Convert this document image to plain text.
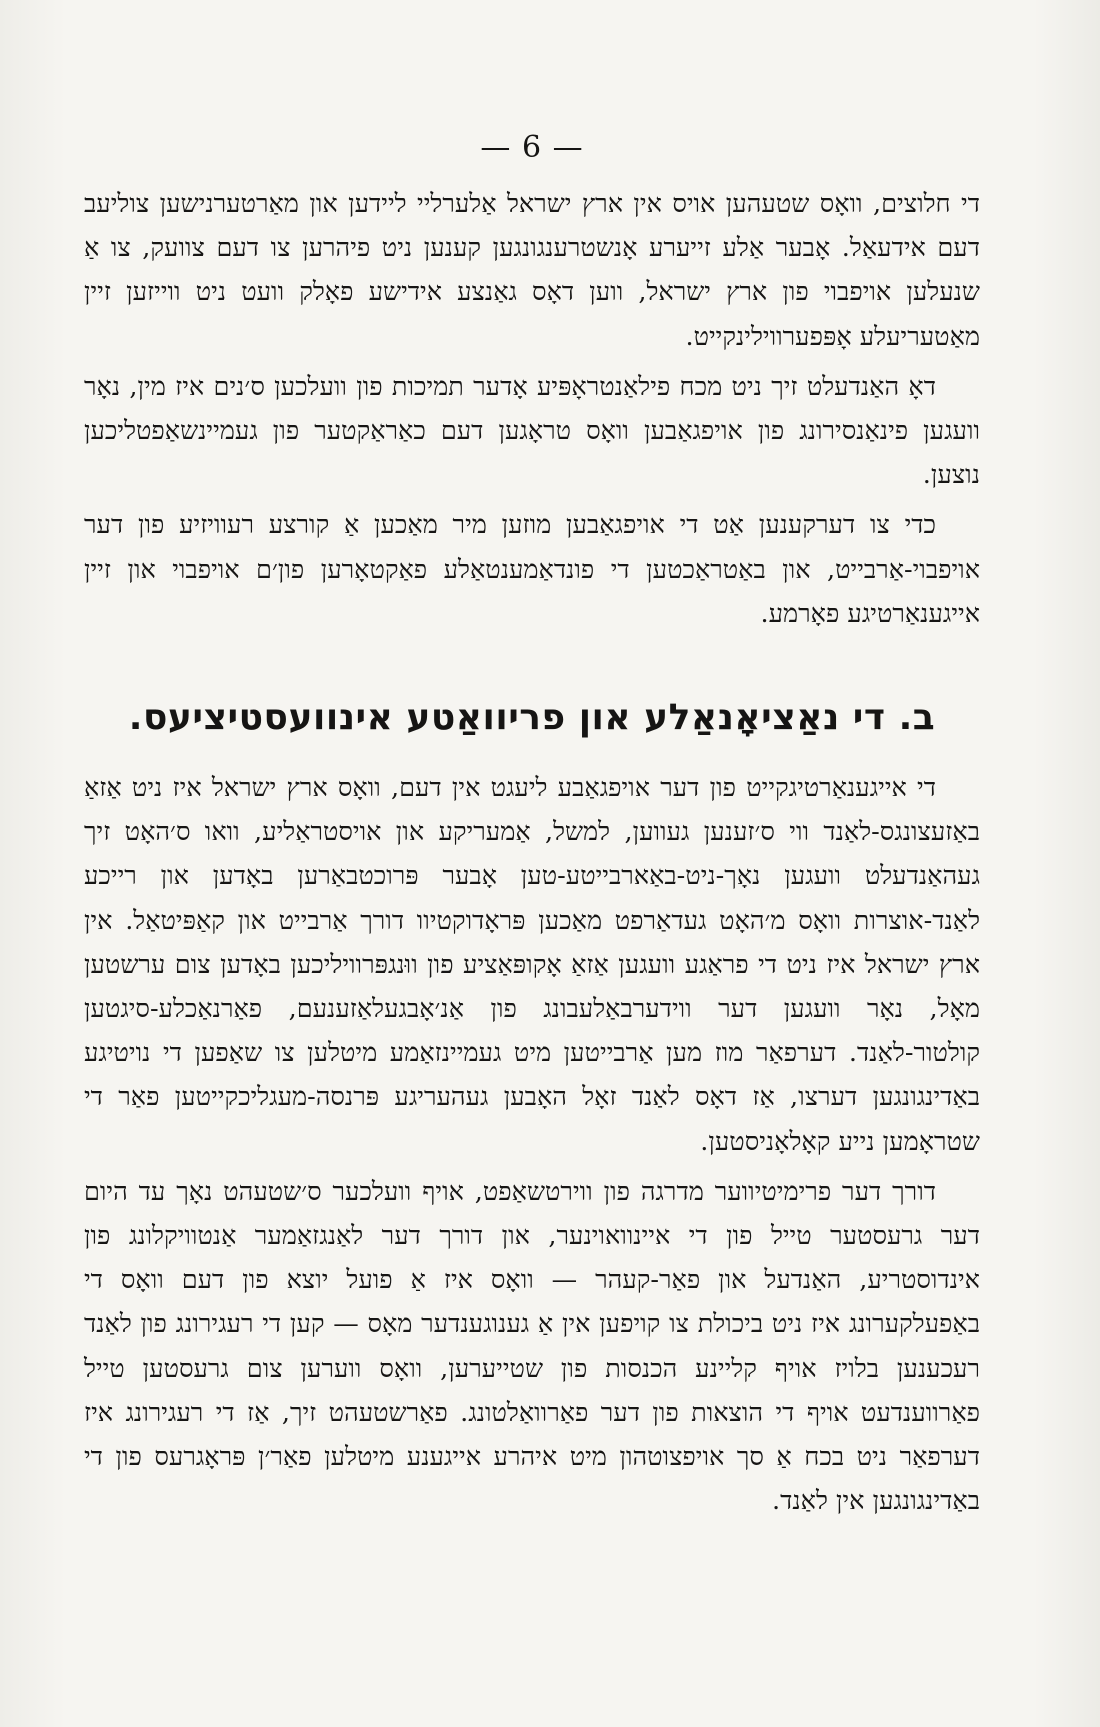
— 6 —

די חלוצים, וואָס שטעהען אויס אין ארץ ישראל אַלערליי ליידען און מאַרטערנישען צוליעב דעם אידעאַל. אָבער אַלע זייערע אָנשטרענגונגען קענען ניט פיהרען צו דעם צוועק, צו אַ שנעלען אויפבוי פון ארץ ישראל, ווען דאָס גאַנצע אידישע פאָלק וועט ניט ווייזען זיין מאַטעריעלע אָפּפערווילינקייט.

דאָ האַנדעלט זיך ניט מכח פילאַנטראָפּיע אָדער תמיכות פון וועלכען ס׳נים איז מין, נאָר וועגען פינאַנסירונג פון אויפגאַבען וואָס טראָגען דעם כאַראַקטער פון געמיינשאַפטליכען נוצען.

כדי צו דערקענען אַט די אויפגאַבען מוזען מיר מאַכען אַ קורצע רעוויזיע פון דער אויפבוי-אַרבייט, און באַטראַכטען די פונדאַמענטאַלע פאַקטאָרען פון׳ם אויפבוי און זיין אייגענאַרטיגע פאָרמע.

ב. די נאַציאָנאַלע און פריוואַטע אינוועסטיציעס.

די אייגענאַרטיגקייט פון דער אויפגאַבע ליעגט אין דעם, וואָס ארץ ישראל איז ניט אַזאַ באַזעצונגס-לאַנד ווי ס׳זענען געווען, למשל, אַמעריקע און אויסטראַליע, וואו ס׳האָט זיך געהאַנדעלט וועגען נאָך-ניט-באַארבייטע-טען אָבער פּרוכטבאַרען באָדען און רייכע לאַנד-אוצרות וואָס מ׳האָט געדאַרפט מאַכען פּראָדוקטיוו דורך אַרבייט און קאַפּיטאַל. אין ארץ ישראל איז ניט די פראַגע וועגען אַזאַ אָקופּאַציע פון ווּנגפּרוויליכען באָדען צום ערשטען מאָל, נאָר וועגען דער ווידערבאַלעבונג פון אַנ׳אָבגעלאַזענעם, פאַרנאַכלע-סיגטען קולטור-לאַנד. דערפאַר מוז מען אַרבייטען מיט געמיינזאַמע מיטלען צו שאַפען די נויטיגע באַדינגונגען דערצו, אַז דאָס לאַנד זאָל האָבען געהעריגע פּרנסה-מעגליכקייטען פאַר די שטראָמען נייע קאָלאָניסטען.

דורך דער פרימיטיווער מדרגה פון ווירטשאַפט, אויף וועלכער ס׳שטעהט נאָך עד היום דער גרעסטער טייל פון די איינוואוינער, און דורך דער לאַנגזאַמער אַנטוויקלונג פון אינדוסטריע, האַנדעל און פאַר-קעהר — וואָס איז אַ פועל יוצא פון דעם וואָס די באַפעלקערונג איז ניט ביכולת צו קויפען אין אַ גענוגענדער מאָס — קען די רעגירונג פון לאַנד רעכענען בלויז אויף קליינע הכנסות פון שטייערען, וואָס ווערען צום גרעסטען טייל פאַרווענדעט אויף די הוצאות פון דער פאַרוואַלטונג. פאַרשטעהט זיך, אַז די רעגירונג איז דערפאַר ניט בכח אַ סך אויפצוטהון מיט איהרע אייגענע מיטלען פאַר׳ן פּראָגרעס פון די באַדינגונגען אין לאַנד.
